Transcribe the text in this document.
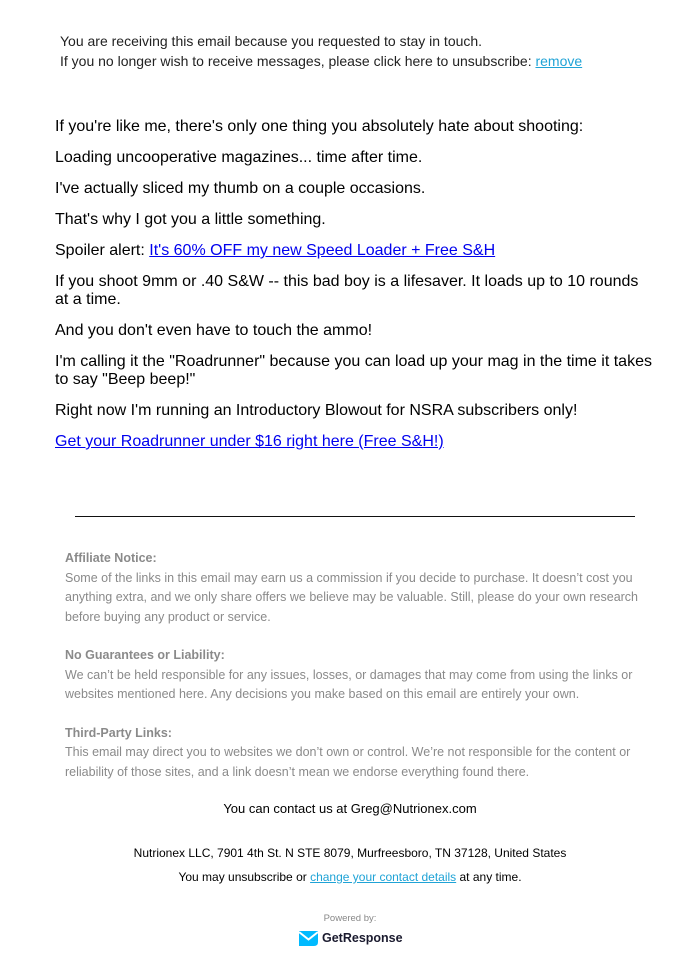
You are receiving this email because you requested to stay in touch.
If you no longer wish to receive messages, please click here to unsubscribe: remove

If you're like me, there's only one thing you absolutely hate about shooting:

Loading uncooperative magazines... time after time.

I've actually sliced my thumb on a couple occasions.

That's why I got you a little something.

Spoiler alert: It's 60% OFF my new Speed Loader + Free S&H

If you shoot 9mm or .40 S&W -- this bad boy is a lifesaver. It loads up to 10 rounds at a time.

And you don't even have to touch the ammo!

I'm calling it the "Roadrunner" because you can load up your mag in the time it takes to say "Beep beep!"

Right now I'm running an Introductory Blowout for NSRA subscribers only!

Get your Roadrunner under $16 right here (Free S&H!)

Affiliate Notice:
Some of the links in this email may earn us a commission if you decide to purchase. It doesn’t cost you anything extra, and we only share offers we believe may be valuable. Still, please do your own research before buying any product or service.
No Guarantees or Liability:
We can’t be held responsible for any issues, losses, or damages that may come from using the links or websites mentioned here. Any decisions you make based on this email are entirely your own.
Third-Party Links:
This email may direct you to websites we don’t own or control. We’re not responsible for the content or reliability of those sites, and a link doesn’t mean we endorse everything found there.
You can contact us at Greg@Nutrionex.com
Nutrionex LLC, 7901 4th St. N STE 8079, Murfreesboro, TN 37128, United States
You may unsubscribe or change your contact details at any time.
Powered by:
GetResponse
